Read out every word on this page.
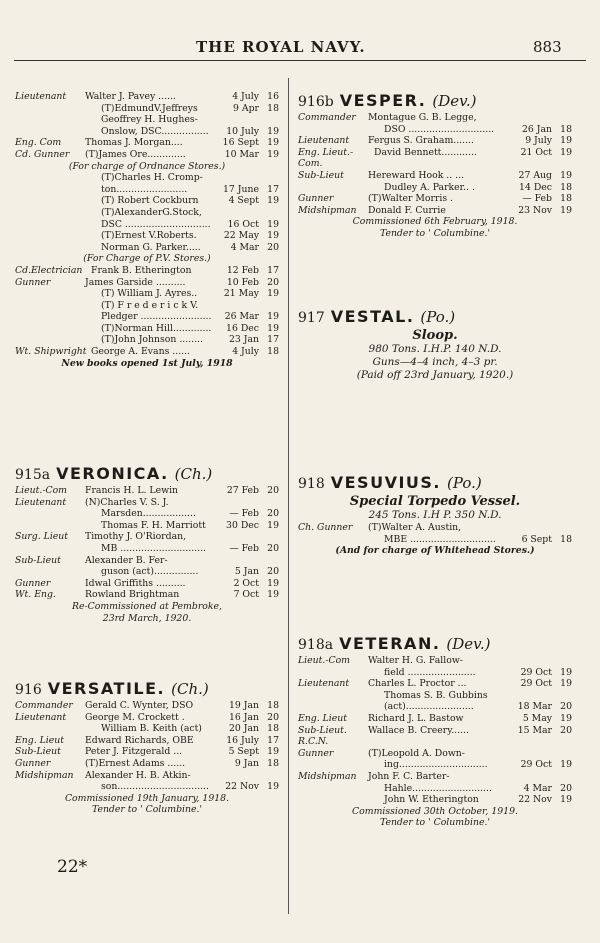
THE ROYAL NAVY.	883
Lieutenant Walter J. Pavey ......	4 July 16
(T)EdmundV.Jeffreys	9 Apr 18
Geoffrey H. Hughes-
Onslow, DSC................ 10 July 19
Eng. Com	Thomas J. Morgan....	16 Sept 19
Cd. Gunner (T)James Ore.............	10 Mar 19
(For charge of Ordnance Stores.)
(T)Charles H. Cromp-
ton........................	17 June 17
(T) Robert Cockburn	4 Sept 19
(T)AlexanderG.Stock,
DSC ............................. 16 Oct 19
(T)Ernest V.Roberts.	22 May 19
Norman G. Parker.....	4 Mar 20
(For Charge of P.V. Stores.)
Cd.Electrician Frank B. Etherington	12 Feb 17
Gunner	James Garside ..........	10 Feb 20
(T) William J. Ayres..	21 May 19
(T) F r e d e r i c k V.
Pledger ........................ 26 Mar 19
(T)Norman Hill............. 16 Dec 19
(T)John Johnson ........	23 Jan 17
Wt. Shipwright George A. Evans ......	4 July 18
New books opened 1st July, 1918
915a VERONICA. (Ch.)
Lieut.-Com Francis H. L. Lewin	27 Feb 20
Lieutenant (N)Charles V. S. J.
Marsden..................	— Feb 20
Thomas F. H. Marriott 30 Dec 19
Surg. Lieut Timothy J. O'Riordan,
MB .............................	— Feb 20
Sub-Lieut	Alexander B. Fer-
guson (act)...............	5 Jan 20
Gunner	Idwal Griffiths ..........	2 Oct 19
Wt. Eng.	Rowland Brightman	7 Oct 19
Re-Commissioned at Pembroke,
23rd March, 1920.
916 VERSATILE. (Ch.)
Commander Gerald C. Wynter, DSO	19 Jan 18
Lieutenant George M. Crockett .	16 Jan 20
William B. Keith (act)	20 Jan 18
Eng. Lieut Edward Richards, OBE	16 July 17
Sub-Lieut	Peter J. Fitzgerald ...	5 Sept 19
Gunner	(T)Ernest Adams ......	9 Jan 18
Midshipman Alexander H. B. Atkin-
son............................... 22 Nov 19
Commissioned 19th January, 1918.
Tender to ' Columbine.'
22*
916b VESPER. (Dev.)
Commander Montague G. B. Legge,
DSO .............................	26 Jan 18
Lieutenant Fergus S. Graham.......	9 July 19
Eng. Lieut.- David Bennett............	21 Oct 19
Com.
Sub-Lieut	Hereward Hook .. ...	27 Aug 19
Dudley A. Parker.. .	14 Dec 18
Gunner	(T)Walter Morris .	— Feb 18
Midshipman Donald F. Currie	23 Nov 19
Commissioned 6th February, 1918.
Tender to ' Columbine.'
917 VESTAL. (Po.)
Sloop.
980 Tons. I.H.P. 140 N.D.
Guns—4–4 inch, 4–3 pr.
(Paid off 23rd January, 1920.)
918 VESUVIUS. (Po.)
Special Torpedo Vessel.
245 Tons. I.H P. 350 N.D.
Ch. Gunner (T)Walter A. Austin,
MBE .............................	6 Sept 18
(And for charge of Whitehead Stores.)
918a VETERAN. (Dev.)
Lieut.-Com Walter H. G. Fallow-
field .......................	29 Oct 19
Lieutenant Charles L. Proctor ...	29 Oct 19
Thomas S. B. Gubbins
(act).......................	18 Mar 20
Eng. Lieut Richard J. L. Bastow	5 May 19
Sub-Lieut. Wallace B. Creery......	15 Mar 20
R.C.N.
Gunner	(T)Leopold A. Down-
ing..............................	29 Oct 19
Midshipman John F. C. Barter-
Hahle...........................	4 Mar 20
John W. Etherington	22 Nov 19
Commissioned 30th October, 1919.
Tender to ' Columbine.'
